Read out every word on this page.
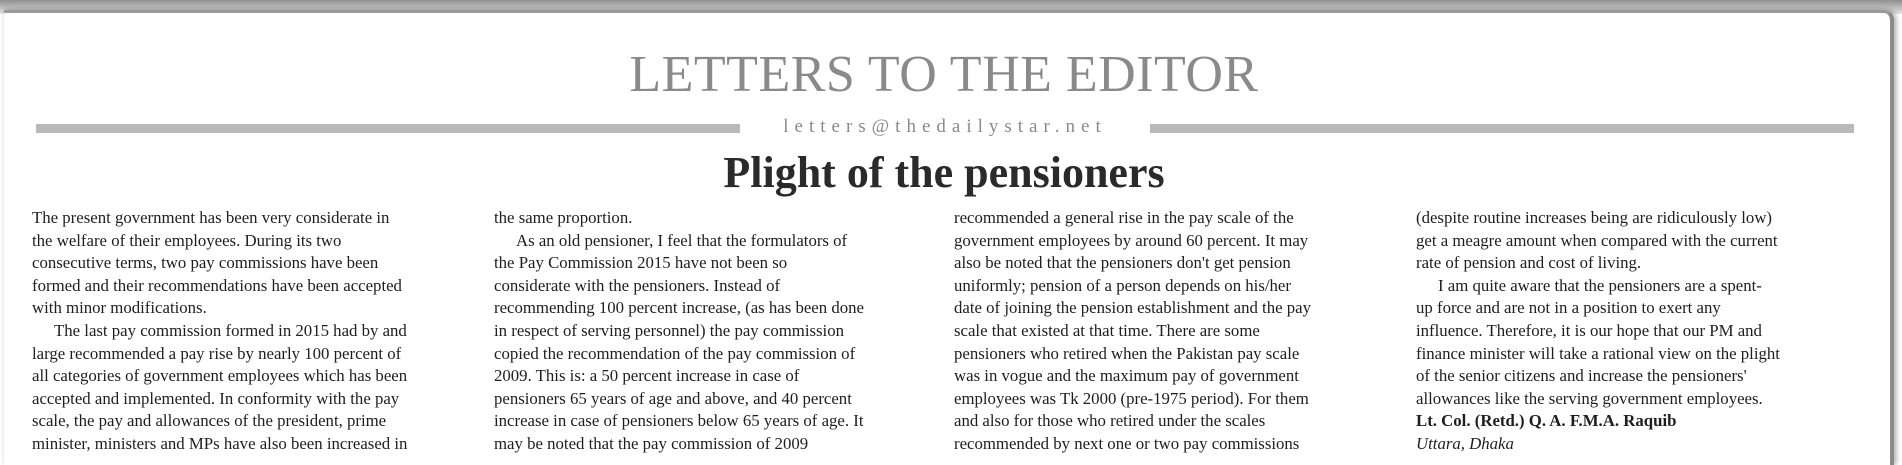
LETTERS TO THE EDITOR
letters@thedailystar.net
Plight of the pensioners

The present government has been very considerate in
the welfare of their employees. During its two
consecutive terms, two pay commissions have been
formed and their recommendations have been accepted
with minor modifications.

The last pay commission formed in 2015 had by and
large recommended a pay rise by nearly 100 percent of
all categories of government employees which has been
accepted and implemented. In conformity with the pay
scale, the pay and allowances of the president, prime
minister, ministers and MPs have also been increased in

the same proportion.

As an old pensioner, I feel that the formulators of
the Pay Commission 2015 have not been so
considerate with the pensioners. Instead of
recommending 100 percent increase, (as has been done
in respect of serving personnel) the pay commission
copied the recommendation of the pay commission of
2009. This is: a 50 percent increase in case of
pensioners 65 years of age and above, and 40 percent
increase in case of pensioners below 65 years of age. It
may be noted that the pay commission of 2009

recommended a general rise in the pay scale of the
government employees by around 60 percent. It may
also be noted that the pensioners don't get pension
uniformly; pension of a person depends on his/her
date of joining the pension establishment and the pay
scale that existed at that time. There are some
pensioners who retired when the Pakistan pay scale
was in vogue and the maximum pay of government
employees was Tk 2000 (pre-1975 period). For them
and also for those who retired under the scales
recommended by next one or two pay commissions

(despite routine increases being are ridiculously low)
get a meagre amount when compared with the current
rate of pension and cost of living.

I am quite aware that the pensioners are a spent-
up force and are not in a position to exert any
influence. Therefore, it is our hope that our PM and
finance minister will take a rational view on the plight
of the senior citizens and increase the pensioners'
allowances like the serving government employees.

Lt. Col. (Retd.) Q. A. F.M.A. Raquib

Uttara, Dhaka
